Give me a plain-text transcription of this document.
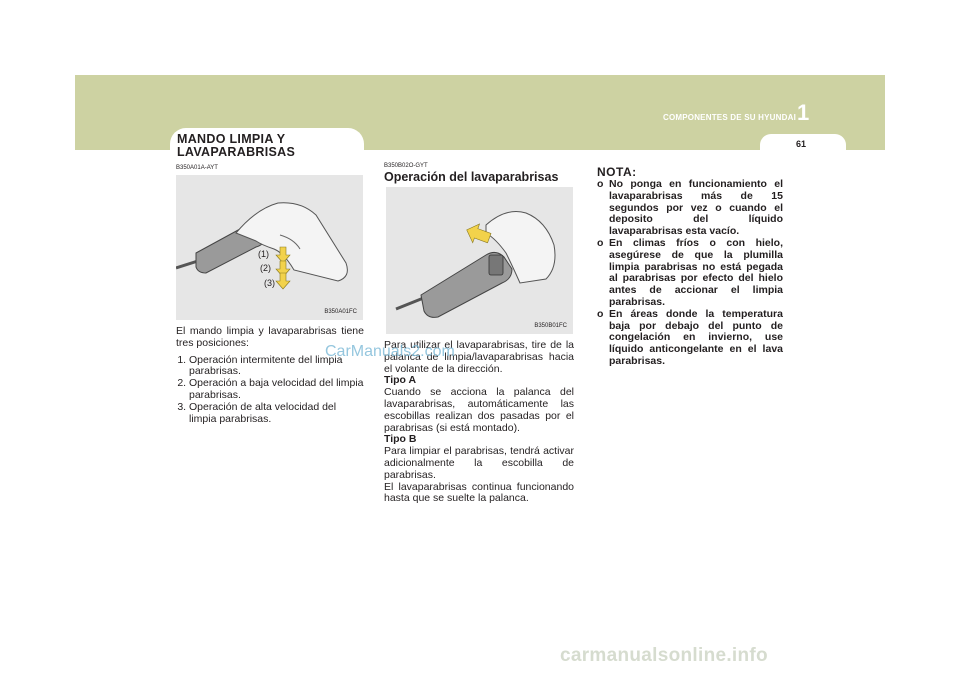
COMPONENTES DE SU HYUNDAI 1
61
MANDO LIMPIA Y
LAVAPARABRISAS
B350A01A-AYT
(1)
(2)
(3)
B350A01FC

El mando limpia y lavaparabrisas tiene tres posiciones:

1. Operación intermitente del limpia parabrisas.
2. Operación a baja velocidad del limpia parabrisas.
3. Operación de alta velocidad del limpia parabrisas.
B350B02O-GYT
Operación del lavaparabrisas
B350B01FC

Para utilizar el lavaparabrisas, tire de la palanca de limpia/lavaparabrisas hacia el volante de la dirección.

Tipo A

Cuando se acciona la palanca del lavaparabrisas, automáticamente las escobillas realizan dos pasadas por el parabrisas (si está montado).

Tipo B

Para limpiar el parabrisas, tendrá activar adicionalmente la escobilla de parabrisas.

El lavaparabrisas continua funcionando hasta que se suelte la palanca.

NOTA:
o No ponga en funcionamiento el lavaparabrisas más de 15 segundos por vez o cuando el deposito del líquido lavaparabrisas esta vacío.
o En climas fríos o con hielo, asegúrese de que la plumilla limpia parabrisas no está pegada al parabrisas por efecto del hielo antes de accionar el limpia parabrisas.
o En áreas donde la temperatura baja por debajo del punto de congelación en invierno, use líquido anticongelante en el lava parabrisas.
CarManuals2.com
carmanualsonline.info
